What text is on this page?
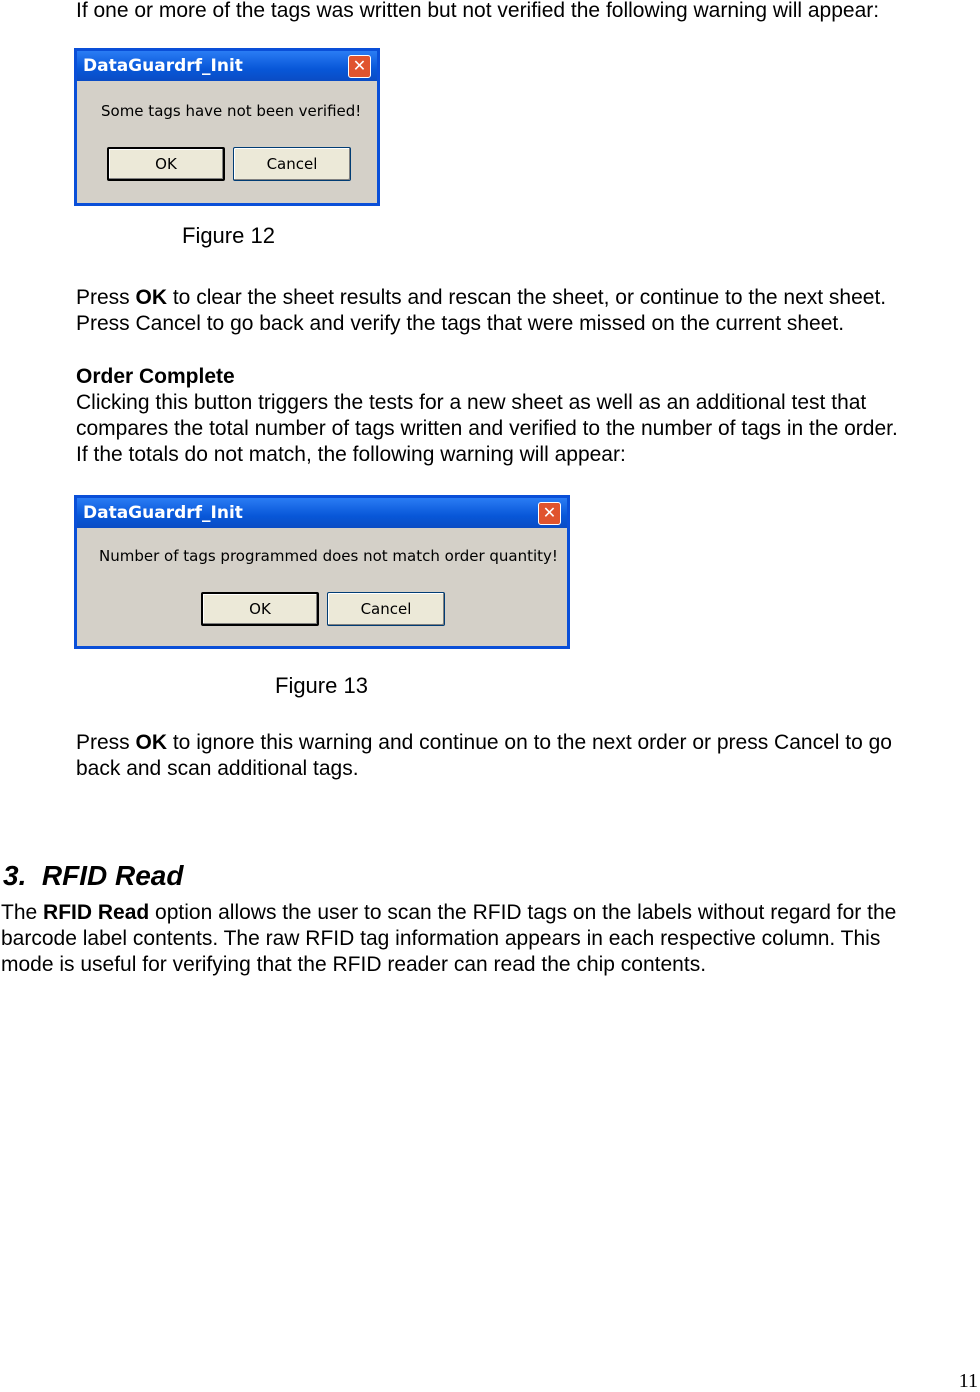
If one or more of the tags was written but not verified the following warning will appear:
DataGuardrf_Init	✕
Some tags have not been verified!
OK	Cancel
Figure 12
Press OK to clear the sheet results and rescan the sheet, or continue to the next sheet.
Press Cancel to go back and verify the tags that were missed on the current sheet.
Order Complete
Clicking this button triggers the tests for a new sheet as well as an additional test that
compares the total number of tags written and verified to the number of tags in the order.
If the totals do not match, the following warning will appear:
DataGuardrf_Init	✕
Number of tags programmed does not match order quantity!
OK	Cancel
Figure 13
Press OK to ignore this warning and continue on to the next order or press Cancel to go
back and scan additional tags.
3.  RFID Read
The RFID Read option allows the user to scan the RFID tags on the labels without regard for the
barcode label contents. The raw RFID tag information appears in each respective column. This
mode is useful for verifying that the RFID reader can read the chip contents.
11
